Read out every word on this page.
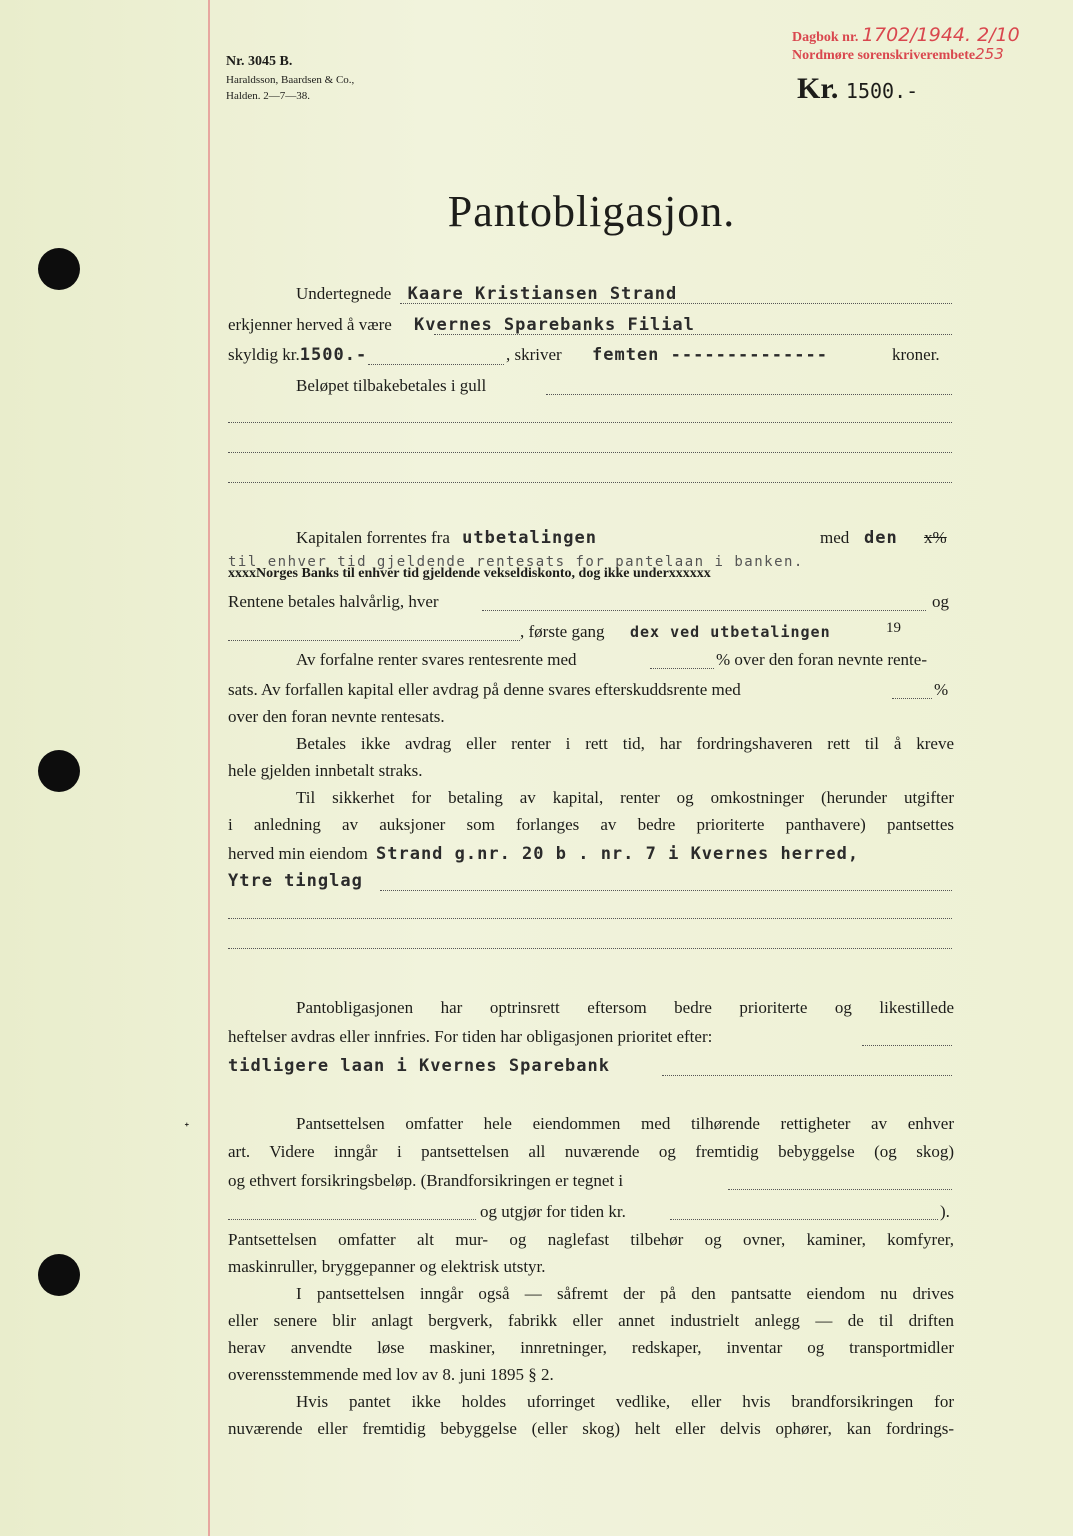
Nr. 3045 B.
Haraldsson, Baardsen & Co.,
Halden. 2—7—38.
Dagbok nr. 1702/1944. 2/10
Nordmøre sorenskriverembete253
Kr. 1500.-
Pantobligasjon.
Undertegnede Kaare Kristiansen Strand
erkjenner herved å være Kvernes Sparebanks Filial
skyldig kr.1500.-	, skriver femten --------------	kroner.
Beløpet tilbakebetales i gull
Kapitalen forrentes fra utbetalingen	med den x%
til enhver tid gjeldende rentesats for pantelaan i banken.
xxxxNorges Banks til enhver tid gjeldende vekseldiskonto, dog ikke underxxxxxx
Rentene betales halvårlig, hver	og
, første gang dex ved utbetalingen	19
Av forfalne renter svares rentesrente med	% over den foran nevnte rente-
sats. Av forfallen kapital eller avdrag på denne svares efterskuddsrente med	%
over den foran nevnte rentesats.
Betales ikke avdrag eller renter i rett tid, har fordringshaveren rett til å kreve
hele gjelden innbetalt straks.
Til sikkerhet for betaling av kapital, renter og omkostninger (herunder utgifter
i anledning av auksjoner som forlanges av bedre prioriterte panthavere) pantsettes
herved min eiendom Strand g.nr. 20 b . nr. 7 i Kvernes herred,
Ytre tinglag
Pantobligasjonen har optrinsrett eftersom bedre prioriterte og likestillede
heftelser avdras eller innfries. For tiden har obligasjonen prioritet efter:
tidligere laan i Kvernes Sparebank
ᐩ	Pantsettelsen omfatter hele eiendommen med tilhørende rettigheter av enhver
art. Videre inngår i pantsettelsen all nuværende og fremtidig bebyggelse (og skog)
og ethvert forsikringsbeløp. (Brandforsikringen er tegnet i
og utgjør for tiden kr.	).
Pantsettelsen omfatter alt mur- og naglefast tilbehør og ovner, kaminer, komfyrer,
maskinruller, bryggepanner og elektrisk utstyr.
I pantsettelsen inngår også — såfremt der på den pantsatte eiendom nu drives
eller senere blir anlagt bergverk, fabrikk eller annet industrielt anlegg — de til driften
herav anvendte løse maskiner, innretninger, redskaper, inventar og transportmidler
overensstemmende med lov av 8. juni 1895 § 2.
Hvis pantet ikke holdes uforringet vedlike, eller hvis brandforsikringen for
nuværende eller fremtidig bebyggelse (eller skog) helt eller delvis ophører, kan fordrings-
